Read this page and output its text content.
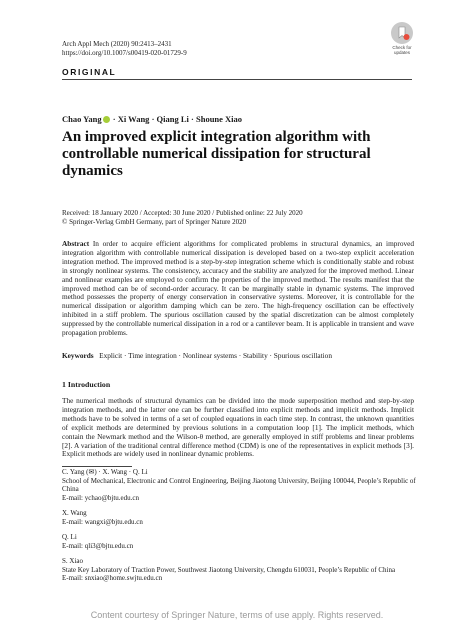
Arch Appl Mech (2020) 90:2413–2431
https://doi.org/10.1007/s00419-020-01729-9
Check for updates
ORIGINAL
Chao Yang · Xi Wang · Qiang Li · Shoune Xiao
An improved explicit integration algorithm with controllable numerical dissipation for structural dynamics
Received: 18 January 2020 / Accepted: 30 June 2020 / Published online: 22 July 2020
© Springer-Verlag GmbH Germany, part of Springer Nature 2020
Abstract In order to acquire efficient algorithms for complicated problems in structural dynamics, an improved integration algorithm with controllable numerical dissipation is developed based on a two-step explicit acceleration integration method. The improved method is a step-by-step integration scheme which is conditionally stable and robust in strongly nonlinear systems. The consistency, accuracy and the stability are analyzed for the improved method. Linear and nonlinear examples are employed to confirm the properties of the improved method. The results manifest that the improved method can be of second-order accuracy. It can be marginally stable in dynamic systems. The improved method possesses the property of energy conservation in conservative systems. Moreover, it is controllable for the numerical dissipation or algorithm damping which can be zero. The high-frequency oscillation can be effectively inhibited in a stiff problem. The spurious oscillation caused by the spatial discretization can be almost completely suppressed by the controllable numerical dissipation in a rod or a cantilever beam. It is applicable in transient and wave propagation problems.
Keywords Explicit · Time integration · Nonlinear systems · Stability · Spurious oscillation
1 Introduction
The numerical methods of structural dynamics can be divided into the mode superposition method and step-by-step integration methods, and the latter one can be further classified into explicit methods and implicit methods. Implicit methods have to be solved in terms of a set of coupled equations in each time step. In contrast, the unknown quantities of explicit methods are determined by previous solutions in a computation loop [1]. The implicit methods, which contain the Newmark method and the Wilson-θ method, are generally employed in stiff problems and linear problems [2]. A variation of the traditional central difference method (CDM) is one of the representatives in explicit methods [3]. Explicit methods are widely used in nonlinear dynamic problems.
C. Yang (✉) · X. Wang · Q. Li
School of Mechanical, Electronic and Control Engineering, Beijing Jiaotong University, Beijing 100044, People’s Republic of China
E-mail: ychao@bjtu.edu.cn
X. Wang
E-mail: wangxi@bjtu.edu.cn
Q. Li
E-mail: qli3@bjtu.edu.cn
S. Xiao
State Key Laboratory of Traction Power, Southwest Jiaotong University, Chengdu 610031, People’s Republic of China
E-mail: snxiao@home.swjtu.edu.cn
Content courtesy of Springer Nature, terms of use apply. Rights reserved.
